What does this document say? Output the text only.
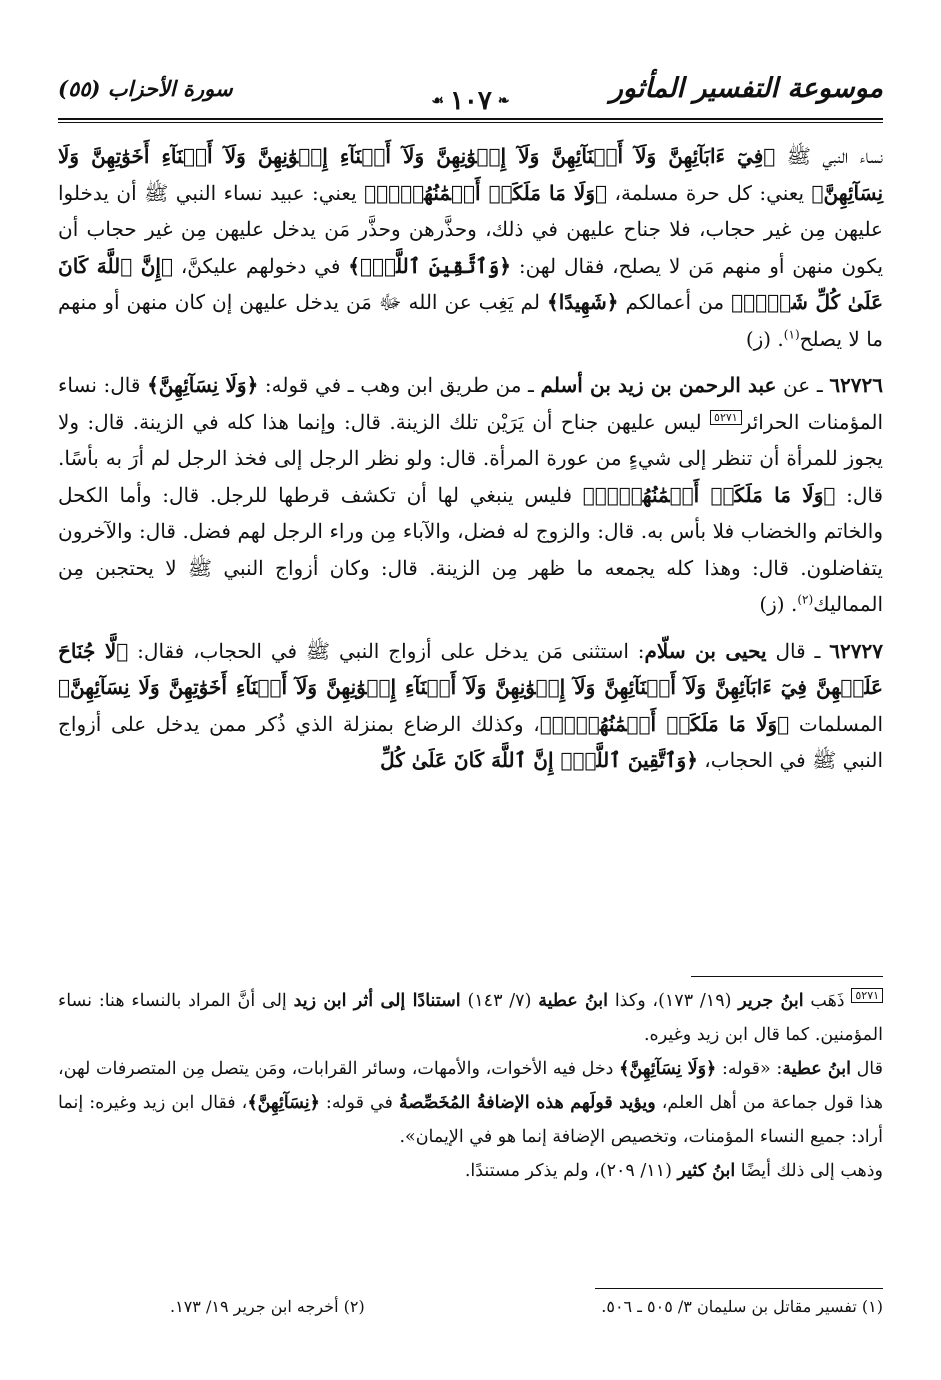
موسوعة التفسير المأثور
سورة الأحزاب (٥٥)
❧
١٠٧
☙

نساء النبي ﷺ ﴿فِيٓ ءَابَآئِهِنَّ وَلَآ أَبۡنَآئِهِنَّ وَلَآ إِخۡوَٰنِهِنَّ وَلَآ أَبۡنَآءِ إِخۡوَٰنِهِنَّ وَلَآ أَبۡنَآءِ أَخَوَٰتِهِنَّ وَلَا نِسَآئِهِنَّ﴾ يعني: كل حرة مسلمة، ﴿وَلَا مَا مَلَكَتۡ أَيۡمَٰنُهُنَّۗ﴾ يعني: عبيد نساء النبي ﷺ أن يدخلوا عليهن مِن غير حجاب، فلا جناح عليهن في ذلك، وحذَّرهن وحذَّر مَن يدخل عليهن مِن غير حجاب أن يكون منهن أو منهم مَن لا يصلح، فقال لهن: ﴿وَٱتَّقِينَ ٱللَّهَۚ﴾ في دخولهم عليكنَّ، ﴿إِنَّ ٱللَّهَ كَانَ عَلَىٰ كُلِّ شَيۡءٖ﴾ من أعمالكم ﴿شَهِيدًا﴾ لم يَغِب عن الله ﷻ مَن يدخل عليهن إن كان منهن أو منهم ما لا يصلح$^{(١)}$. (ز)

٦٢٧٢٦ ـ عن عبد الرحمن بن زيد بن أسلم ـ من طريق ابن وهب ـ في قوله: ﴿وَلَا نِسَآئِهِنَّ﴾ قال: نساء المؤمنات الحرائر٥٢٧١ ليس عليهن جناح أن يَرَيْن تلك الزينة. قال: وإنما هذا كله في الزينة. قال: ولا يجوز للمرأة أن تنظر إلى شيءٍ من عورة المرأة. قال: ولو نظر الرجل إلى فخذ الرجل لم أرَ به بأسًا. قال: ﴿وَلَا مَا مَلَكَتۡ أَيۡمَٰنُهُنَّۗ﴾ فليس ينبغي لها أن تكشف قرطها للرجل. قال: وأما الكحل والخاتم والخضاب فلا بأس به. قال: والزوج له فضل، والآباء مِن وراء الرجل لهم فضل. قال: والآخرون يتفاضلون. قال: وهذا كله يجمعه ما ظهر مِن الزينة. قال: وكان أزواج النبي ﷺ لا يحتجبن مِن المماليك$^{(٢)}$. (ز)

٦٢٧٢٧ ـ قال يحيى بن سلّام: استثنى مَن يدخل على أزواج النبي ﷺ في الحجاب، فقال: ﴿لَّا جُنَاحَ عَلَيۡهِنَّ فِيٓ ءَابَآئِهِنَّ وَلَآ أَبۡنَآئِهِنَّ وَلَآ إِخۡوَٰنِهِنَّ وَلَآ أَبۡنَآءِ إِخۡوَٰنِهِنَّ وَلَآ أَبۡنَآءِ أَخَوَٰتِهِنَّ وَلَا نِسَآئِهِنَّ﴾ المسلمات ﴿وَلَا مَا مَلَكَتۡ أَيۡمَٰنُهُنَّۗ﴾، وكذلك الرضاع بمنزلة الذي ذُكر ممن يدخل على أزواج النبي ﷺ في الحجاب، ﴿وَٱتَّقِينَ ٱللَّهَۚ إِنَّ ٱللَّهَ كَانَ عَلَىٰ كُلِّ

٥٢٧١ ذَهَب ابنُ جرير (١٩/ ١٧٣)، وكذا ابنُ عطية (٧/ ١٤٣) استنادًا إلى أثر ابن زيد إلى أنَّ المراد بالنساء هنا: نساء المؤمنين. كما قال ابن زيد وغيره.

قال ابنُ عطية: «قوله: ﴿وَلَا نِسَآئِهِنَّ﴾ دخل فيه الأخوات، والأمهات، وسائر القرابات، ومَن يتصل مِن المتصرفات لهن، هذا قول جماعة من أهل العلم، ويؤيد قولَهم هذه الإضافةُ المُخَصِّصةُ في قوله: ﴿نِسَآئِهِنَّ﴾، فقال ابن زيد وغيره: إنما أراد: جميع النساء المؤمنات، وتخصيص الإضافة إنما هو في الإيمان».

وذهب إلى ذلك أيضًا ابنُ كثير (١١/ ٢٠٩)، ولم يذكر مستندًا.

(١) تفسير مقاتل بن سليمان ٣/ ٥٠٥ ـ ٥٠٦.
(٢) أخرجه ابن جرير ١٩/ ١٧٣.
